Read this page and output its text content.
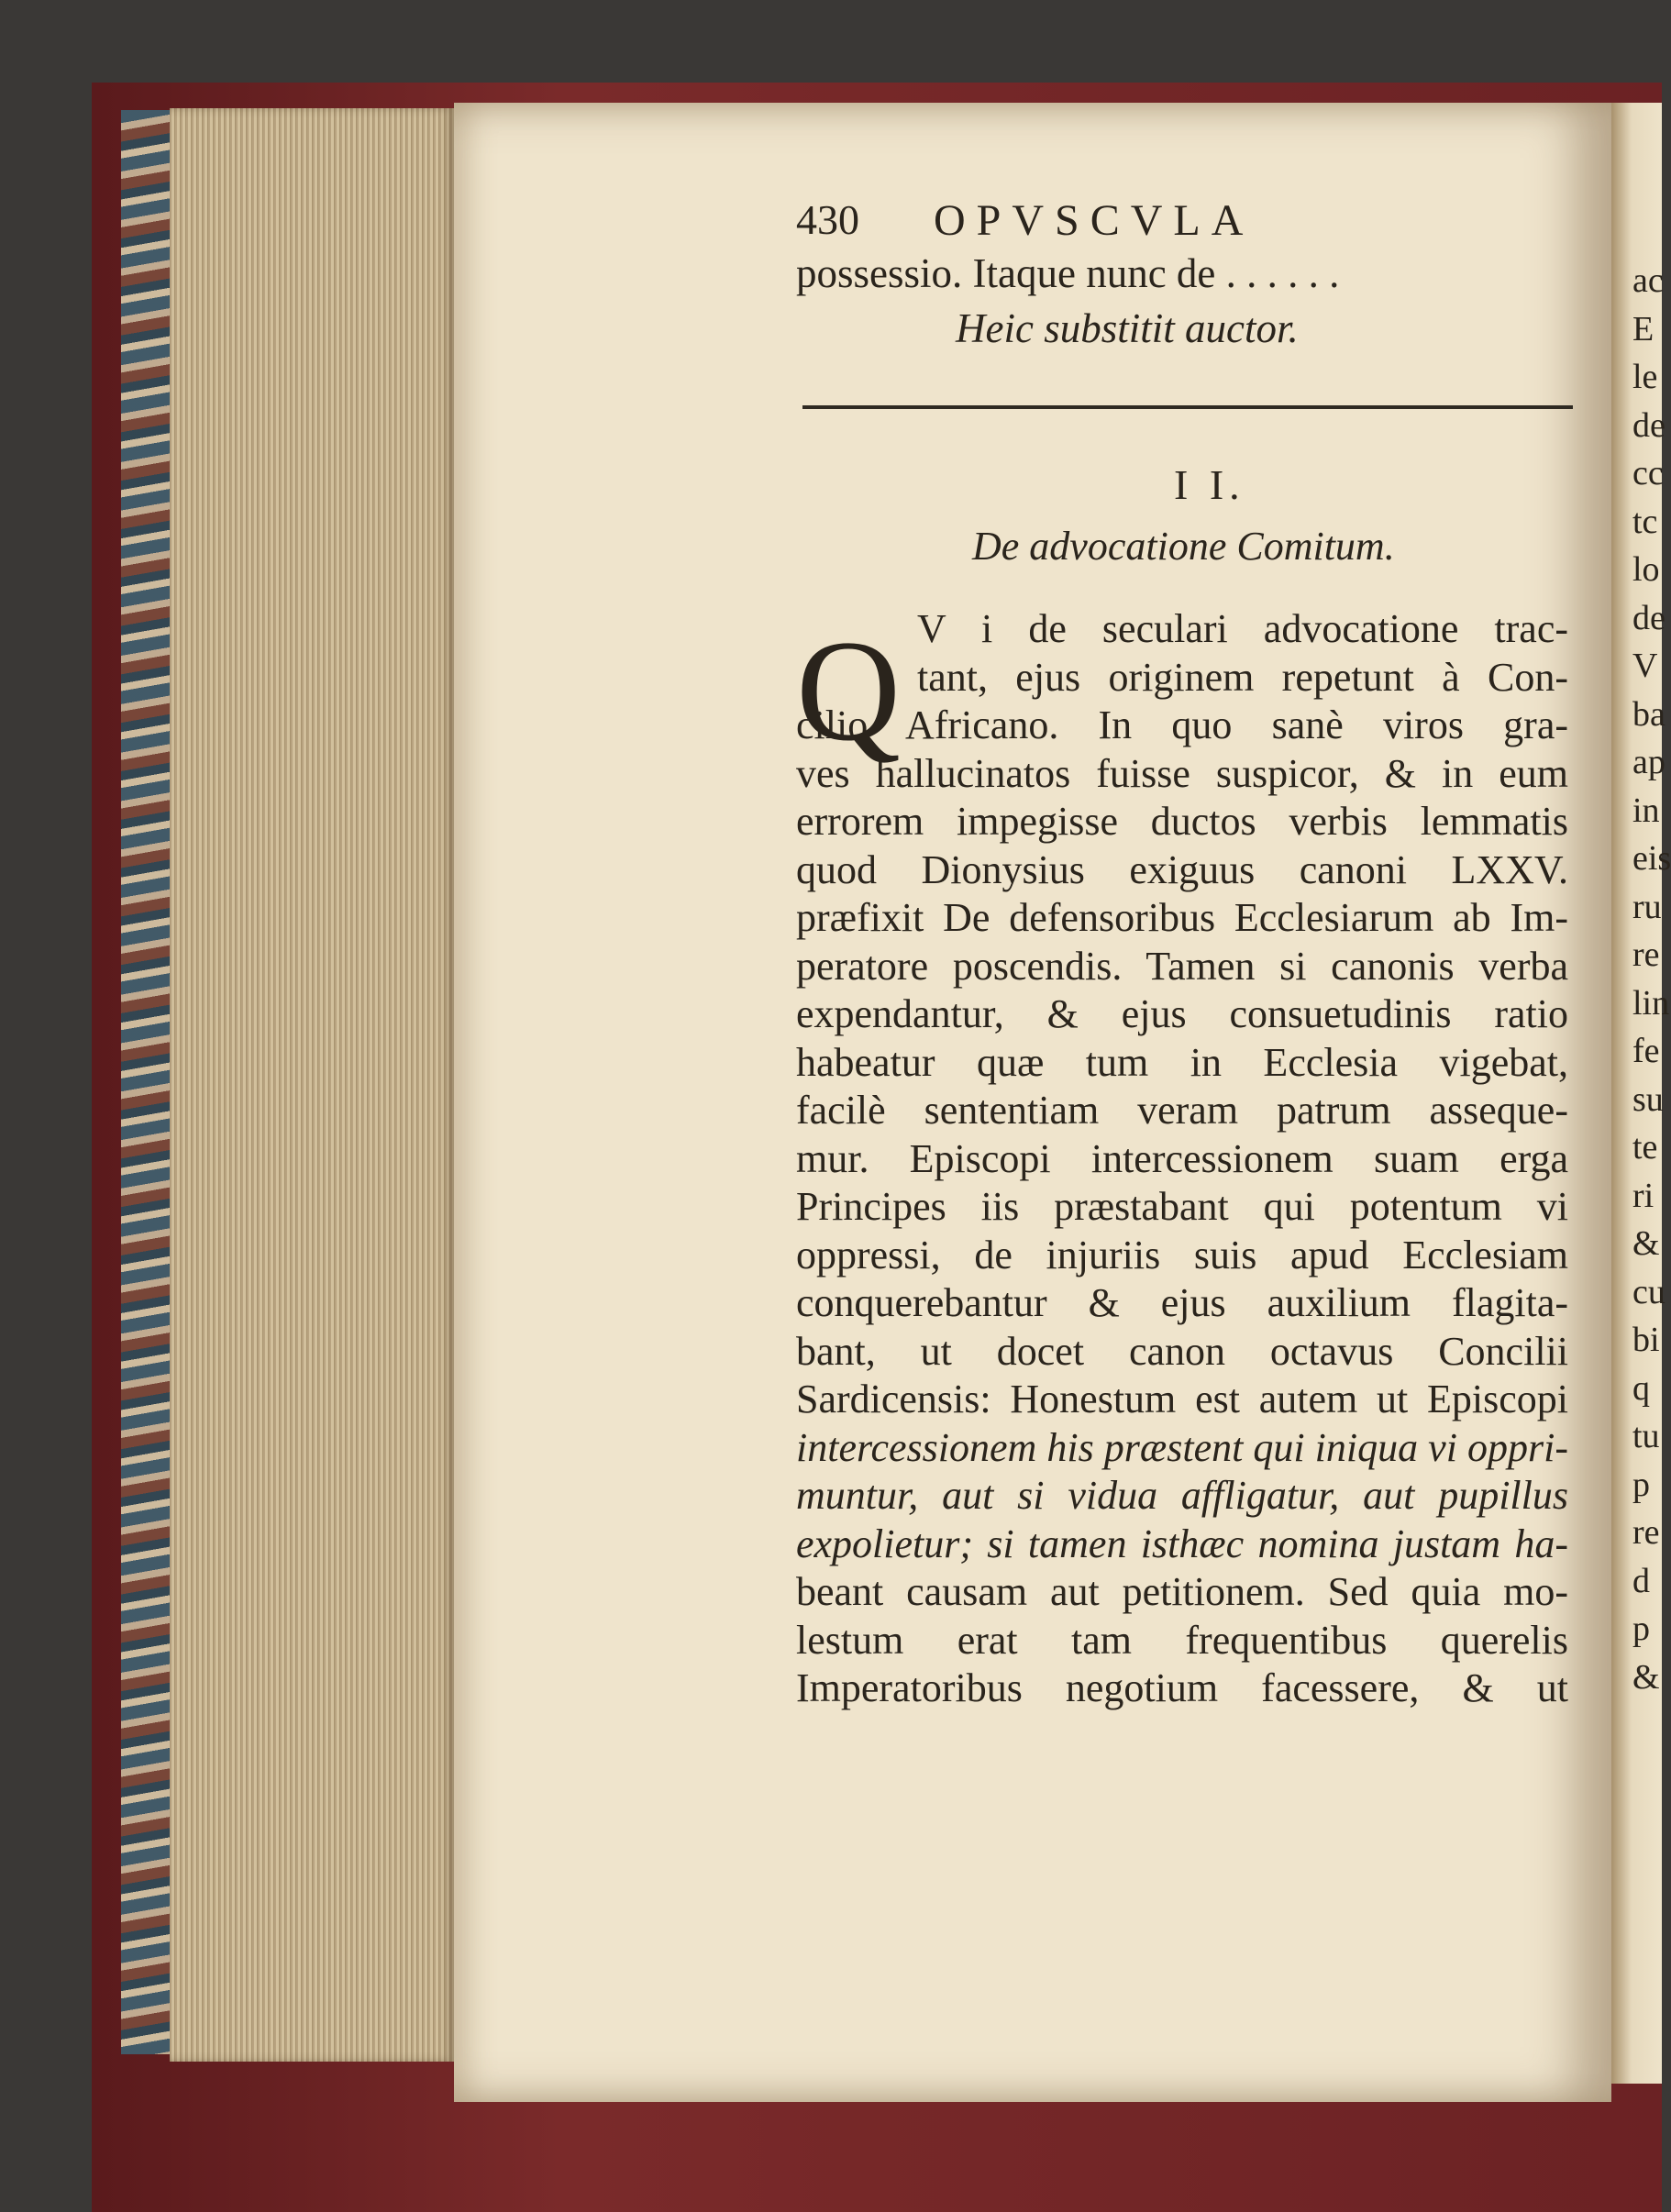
430 OPVSCVLA
possessio. Itaque nunc de . . . . . .
Heic substitit auctor.
I I.
De advocatione Comitum.
Q V i de seculari advocatione trac-
tant, ejus originem repetunt à Con-
cilio Africano. In quo sanè viros gra-
ves hallucinatos fuisse suspicor, & in eum
errorem impegisse ductos verbis lemmatis
quod Dionysius exiguus canoni LXXV.
præfixit De defensoribus Ecclesiarum ab Im-
peratore poscendis. Tamen si canonis verba
expendantur, & ejus consuetudinis ratio
habeatur quæ tum in Ecclesia vigebat,
facilè sententiam veram patrum asseque-
mur. Episcopi intercessionem suam erga
Principes iis præstabant qui potentum vi
oppressi, de injuriis suis apud Ecclesiam
conquerebantur & ejus auxilium flagita-
bant, ut docet canon octavus Concilii
Sardicensis: Honestum est autem ut Episcopi
intercessionem his præstent qui iniqua vi oppri-
muntur, aut si vidua affligatur, aut pupillus
expolietur; si tamen isthæc nomina justam ha-
beant causam aut petitionem. Sed quia mo-
lestum erat tam frequentibus querelis
Imperatoribus negotium facessere, & ut
ac
E
le
de
cc
tc
lo
de
V
ba
ap
in
eis
ru
re
lin
fe
su
te
ri
&
cu
bi
q
tu
p
re
d
p
&
